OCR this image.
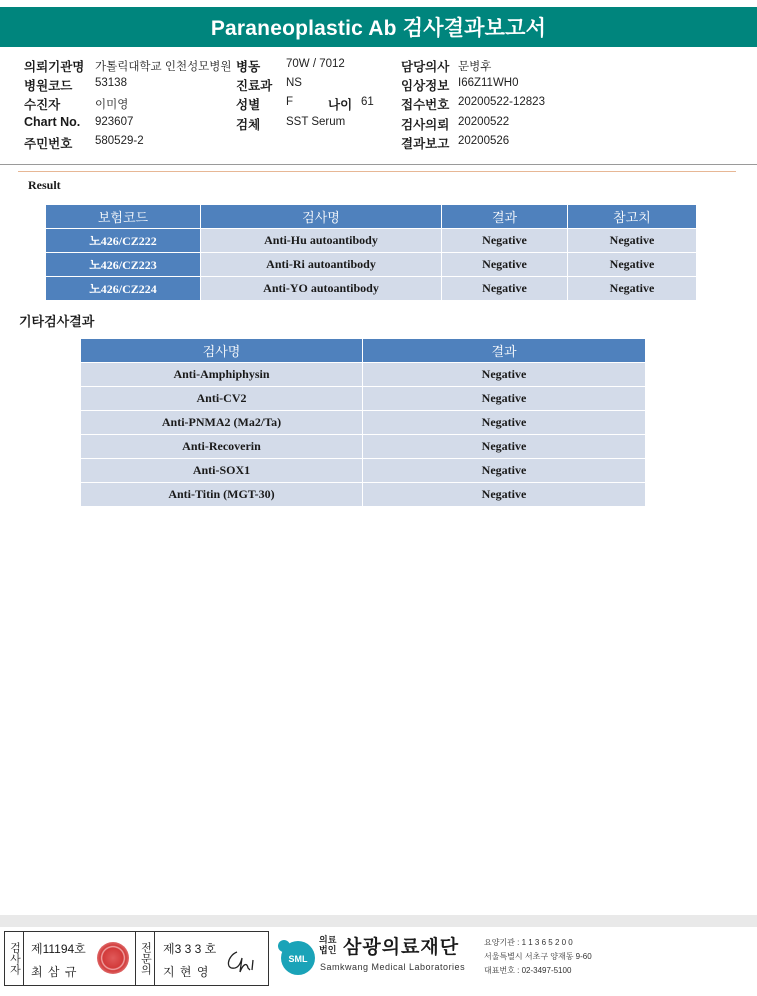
Paraneoplastic Ab 검사결과보고서
의뢰기관명 가톨릭대학교 인천성모병원 병동 70W / 7012	담당의사 문병후
병원코드 53138	진료과 NS	임상정보 I66Z11WH0
수진자	이미영	성별 F	나이 61 접수번호 20200522-12823
Chart No. 923607	검체 SST Serum	검사의뢰 20200522
주민번호 580529-2	결과보고 20200526
Result
보험코드	검사명	결과	참고치
노426/CZ222	Anti-Hu autoantibody	Negative	Negative
노426/CZ223	Anti-Ri autoantibody	Negative	Negative
노426/CZ224	Anti-YO autoantibody	Negative	Negative
기타검사결과
검사명	결과
Anti-Amphiphysin	Negative
Anti-CV2	Negative
Anti-PNMA2 (Ma2/Ta)	Negative
Anti-Recoverin	Negative
Anti-SOX1	Negative
Anti-Titin (MGT-30)	Negative
검사자 제11194호
최 삼 규	전문의 제3 3 3 호
지 현 영
SML
의료법인 삼광의료재단
Samkwang Medical Laboratories
요양기관 : 1 1 3 6 5 2 0 0
서울특별시 서초구 양재동 9-60
대표번호 : 02-3497-5100
